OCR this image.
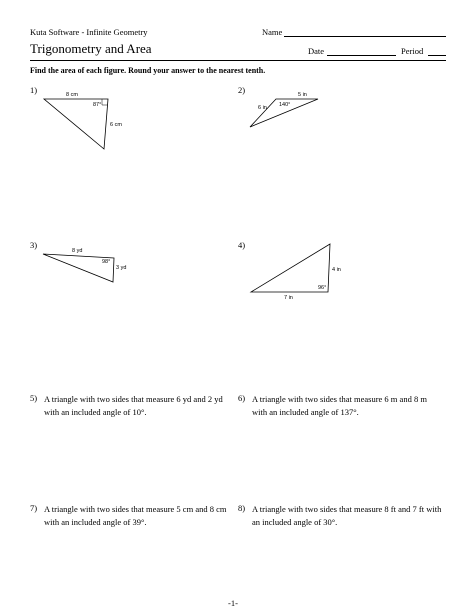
Kuta Software - Infinite Geometry	Name
Trigonometry and Area	Date	Period
Find the area of each figure. Round your answer to the nearest tenth.
1)	8 cm
6 cm
87°
2)	5 in
6 in 140°
3)
8 yd
3 yd
98°
4)
7 in
4 in
96°
5) A triangle with two sides that measure 6 yd and 2 yd with an included angle of 10°.
6) A triangle with two sides that measure 6 m and 8 m with an included angle of 137°.
7) A triangle with two sides that measure 5 cm and 8 cm with an included angle of 39°.
8) A triangle with two sides that measure 8 ft and 7 ft with an included angle of 30°.
-1-
